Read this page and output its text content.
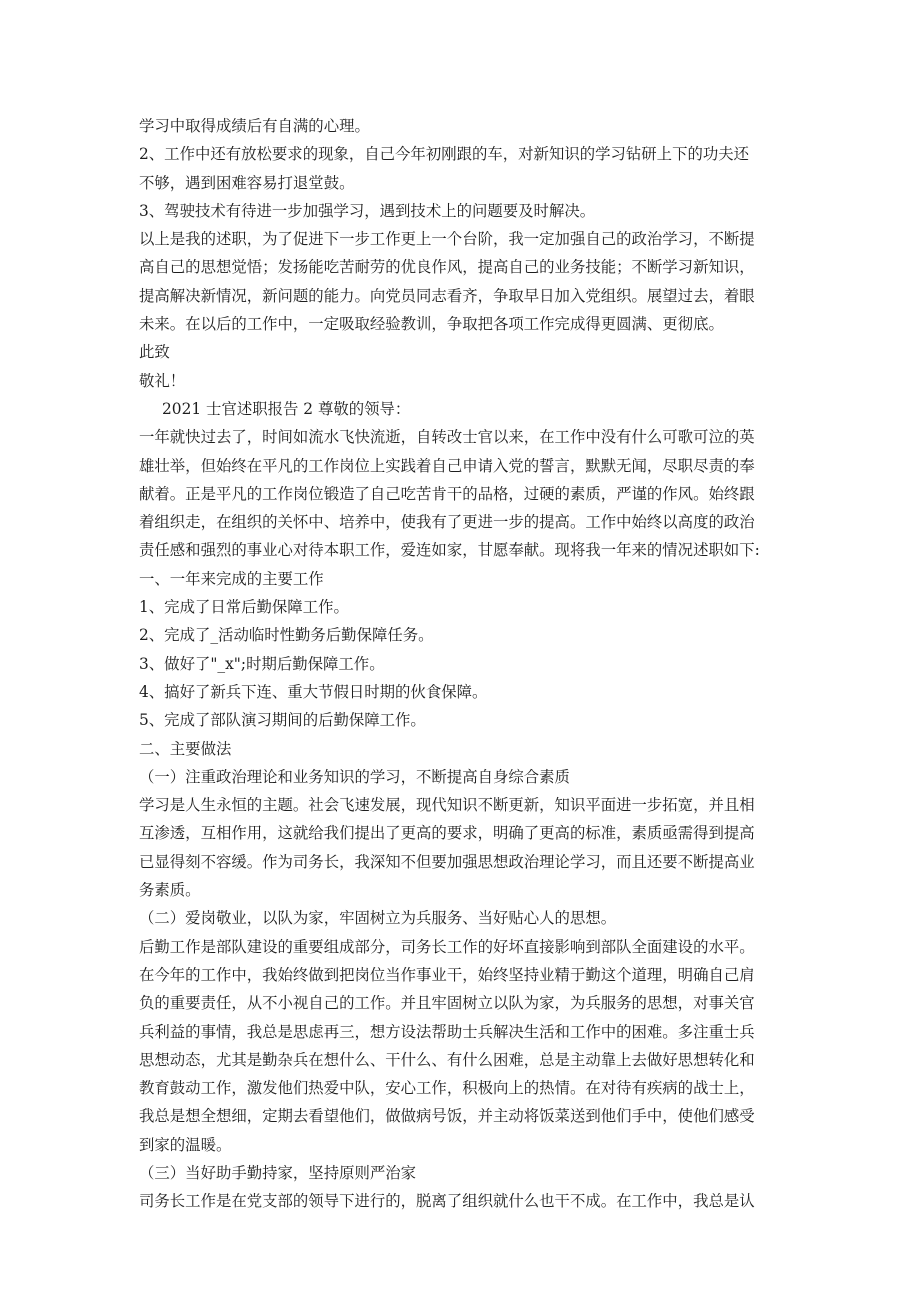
学习中取得成绩后有自满的心理。

2、工作中还有放松要求的现象，自己今年初刚跟的车，对新知识的学习钻研上下的功夫还

不够，遇到困难容易打退堂鼓。

3、驾驶技术有待进一步加强学习，遇到技术上的问题要及时解决。

以上是我的述职，为了促进下一步工作更上一个台阶，我一定加强自己的政治学习，不断提

高自己的思想觉悟；发扬能吃苦耐劳的优良作风，提高自己的业务技能；不断学习新知识，

提高解决新情况，新问题的能力。向党员同志看齐，争取早日加入党组织。展望过去，着眼

未来。在以后的工作中，一定吸取经验教训，争取把各项工作完成得更圆满、更彻底。

此致

敬礼！

2021 士官述职报告 2 尊敬的领导：

一年就快过去了，时间如流水飞快流逝，自转改士官以来，在工作中没有什么可歌可泣的英

雄壮举，但始终在平凡的工作岗位上实践着自己申请入党的誓言，默默无闻，尽职尽责的奉

献着。正是平凡的工作岗位锻造了自己吃苦肯干的品格，过硬的素质，严谨的作风。始终跟

着组织走，在组织的关怀中、培养中，使我有了更进一步的提高。工作中始终以高度的政治

责任感和强烈的事业心对待本职工作，爱连如家，甘愿奉献。现将我一年来的情况述职如下:

一、一年来完成的主要工作

1、完成了日常后勤保障工作。

2、完成了_活动临时性勤务后勤保障任务。

3、做好了"_x";时期后勤保障工作。

4、搞好了新兵下连、重大节假日时期的伙食保障。

5、完成了部队演习期间的后勤保障工作。

二、主要做法

（一）注重政治理论和业务知识的学习，不断提高自身综合素质

学习是人生永恒的主题。社会飞速发展，现代知识不断更新，知识平面进一步拓宽，并且相

互渗透，互相作用，这就给我们提出了更高的要求，明确了更高的标准，素质亟需得到提高

已显得刻不容缓。作为司务长，我深知不但要加强思想政治理论学习，而且还要不断提高业

务素质。

（二）爱岗敬业，以队为家，牢固树立为兵服务、当好贴心人的思想。

后勤工作是部队建设的重要组成部分，司务长工作的好坏直接影响到部队全面建设的水平。

在今年的工作中，我始终做到把岗位当作事业干，始终坚持业精于勤这个道理，明确自己肩

负的重要责任，从不小视自己的工作。并且牢固树立以队为家，为兵服务的思想，对事关官

兵利益的事情，我总是思虑再三，想方设法帮助士兵解决生活和工作中的困难。多注重士兵

思想动态，尤其是勤杂兵在想什么、干什么、有什么困难，总是主动靠上去做好思想转化和

教育鼓动工作，激发他们热爱中队，安心工作，积极向上的热情。在对待有疾病的战士上，

我总是想全想细，定期去看望他们，做做病号饭，并主动将饭菜送到他们手中，使他们感受

到家的温暖。

（三）当好助手勤持家，坚持原则严治家

司务长工作是在党支部的领导下进行的，脱离了组织就什么也干不成。在工作中，我总是认
